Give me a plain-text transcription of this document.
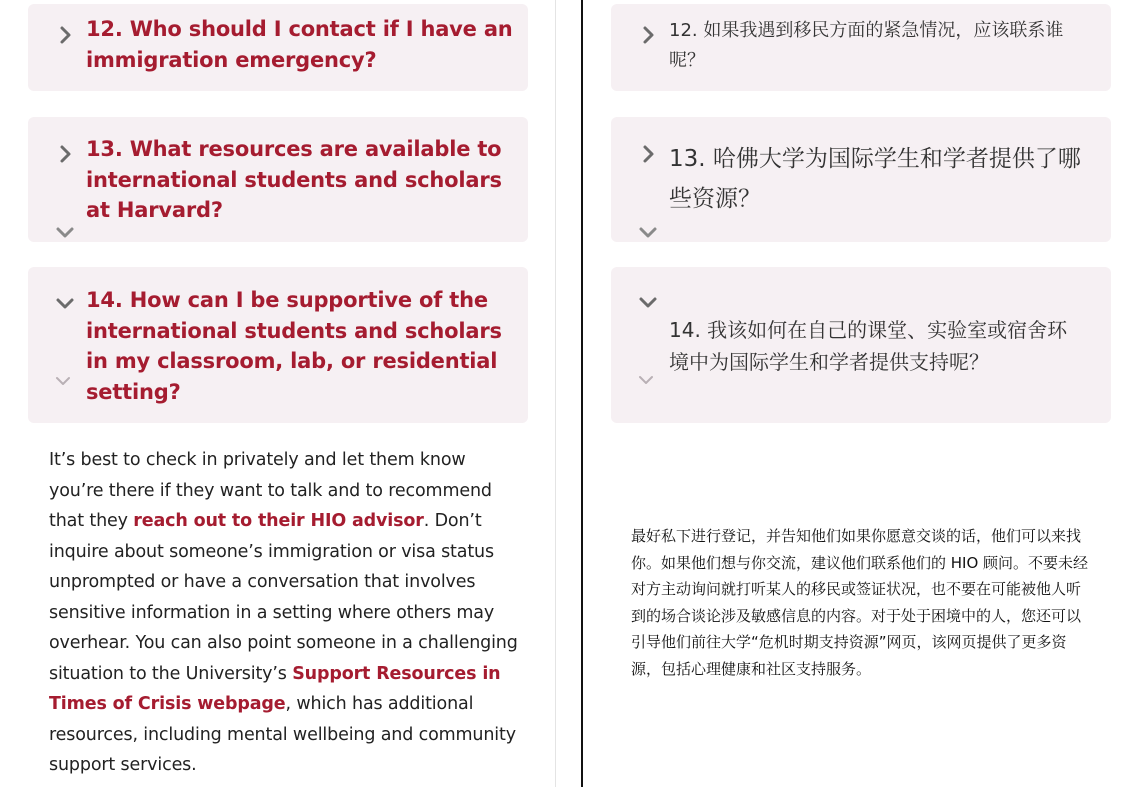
12. Who should I contact if I have an immigration emergency?
13. What resources are available to international students and scholars at Harvard?
14. How can I be supportive of the international students and scholars in my classroom, lab, or residential setting?
It’s best to check in privately and let them know you’re there if they want to talk and to recommend that they reach out to their HIO advisor. Don’t inquire about someone’s immigration or visa status unprompted or have a conversation that involves sensitive information in a setting where others may overhear. You can also point someone in a challenging situation to the University’s Support Resources in Times of Crisis webpage, which has additional resources, including mental wellbeing and community support services.
12. 如果我遇到移民方面的紧急情况，应该联系谁呢？
13. 哈佛大学为国际学生和学者提供了哪些资源？
14. 我该如何在自己的课堂、实验室或宿舍环境中为国际学生和学者提供支持呢？
最好私下进行登记，并告知他们如果你愿意交谈的话，他们可以来找你。如果他们想与你交流，建议他们联系他们的 HIO 顾问。不要未经对方主动询问就打听某人的移民或签证状况，也不要在可能被他人听到的场合谈论涉及敏感信息的内容。对于处于困境中的人，您还可以引导他们前往大学“危机时期支持资源”网页，该网页提供了更多资源，包括心理健康和社区支持服务。
